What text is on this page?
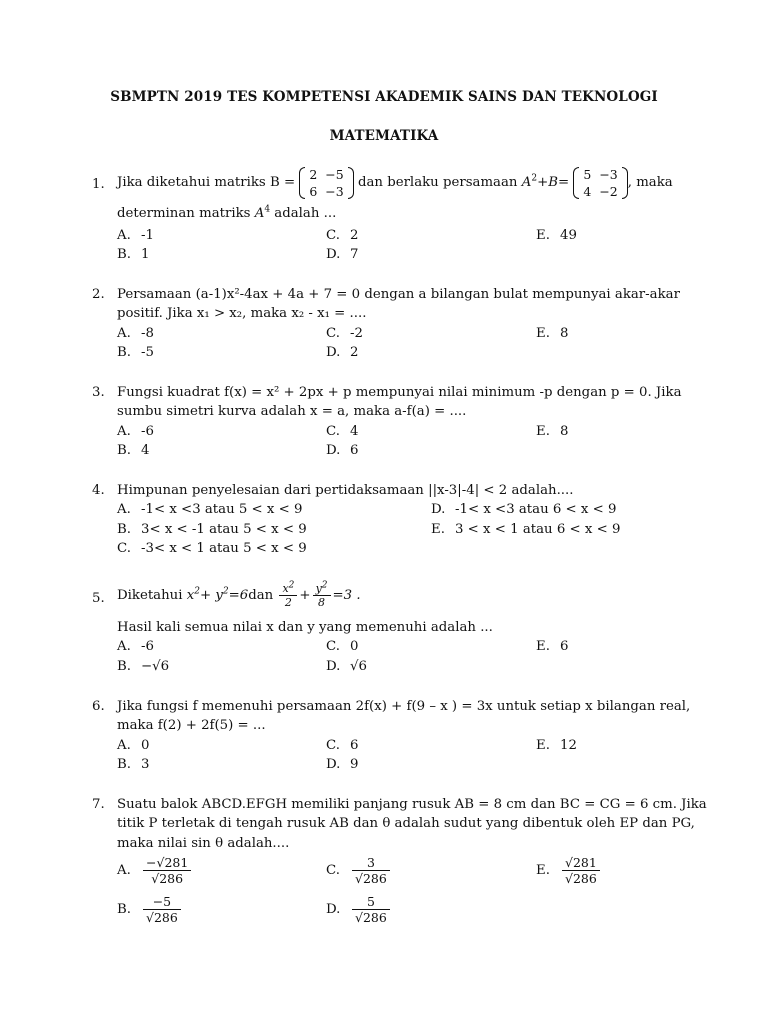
SBMPTN 2019 TES KOMPETENSI AKADEMIK SAINS DAN TEKNOLOGI
MATEMATIKA
1. Jika diketahui matriks B =
2	−5
6	−3
dan berlaku persamaan $A^2+B=$
5	−3
4	−2
, maka
determinan matriks $A^4$ adalah ...
A. -1
B. 1
C. 2
D. 7
E. 49
2. Persamaan (a-1)x²-4ax + 4a + 7 = 0 dengan a bilangan bulat mempunyai akar-akar
positif. Jika x₁ > x₂, maka x₂ - x₁ = ....
A. -8
B. -5
C. -2
D. 2
E. 8
3. Fungsi kuadrat f(x) = x² + 2px + p mempunyai nilai minimum -p dengan p = 0. Jika
sumbu simetri kurva adalah x = a, maka a-f(a) = ....
A. -6
B. 4
C. 4
D. 6
E. 8
4. Himpunan penyelesaian dari pertidaksamaan ||x-3|-4| < 2 adalah....
A. -1< x <3 atau 5 < x < 9
B. 3< x < -1 atau 5 < x < 9
C. -3< x < 1 atau 5 < x < 9
D. -1< x <3 atau 6 < x < 9
E. 3 < x < 1 atau 6 < x < 9
5. Diketahui $x^2+ y^2=6dan \frac{x^2}{2} + \frac{y^2}{8} =3$ .
Hasil kali semua nilai x dan y yang memenuhi adalah ...
A. -6
B. −√6
C. 0
D. √6
E. 6
6. Jika fungsi f memenuhi persamaan 2f(x) + f(9 – x ) = 3x untuk setiap x bilangan real,
maka f(2) + 2f(5) = ...
A. 0
B. 3
C. 6
D. 9
E. 12
7. Suatu balok ABCD.EFGH memiliki panjang rusuk AB = 8 cm dan BC = CG = 6 cm. Jika
titik P terletak di tengah rusuk AB dan θ adalah sudut yang dibentuk oleh EP dan PG,
maka nilai sin θ adalah....
A. $\frac{-√281}{√286}$
B. $\frac{-5}{√286}$
C. $\frac{3}{√286}$
D. $\frac{5}{√286}$
E. $\frac{√281}{√286}$
